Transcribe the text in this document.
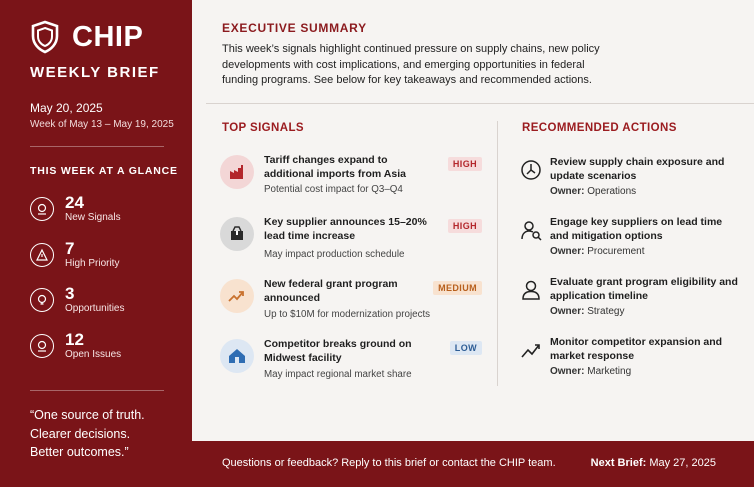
CHIP
WEEKLY BRIEF
May 20, 2025
Week of May 13 – May 19, 2025
THIS WEEK AT A GLANCE
24
New Signals
7
High Priority
3
Opportunities
12
Open Issues
“One source of truth.
Clearer decisions.
Better outcomes.”
EXECUTIVE SUMMARY
This week’s signals highlight continued pressure on supply chains, new policy developments with cost implications, and emerging opportunities in federal funding programs. See below for key takeaways and recommended actions.
TOP SIGNALS	RECOMMENDED ACTIONS
Tariff changes expand to additional imports from Asia
Potential cost impact for Q3–Q4
HIGH
Key supplier announces 15–20% lead time increase
May impact production schedule
HIGH
New federal grant program announced
Up to $10M for modernization projects
MEDIUM
Competitor breaks ground on Midwest facility
May impact regional market share
LOW
Review supply chain exposure and update scenarios
Owner: Operations
Engage key suppliers on lead time and mitigation options
Owner: Procurement
Evaluate grant program eligibility and application timeline
Owner: Strategy
Monitor competitor expansion and market response
Owner: Marketing
Questions or feedback? Reply to this brief or contact the CHIP team.	Next Brief: May 27, 2025
